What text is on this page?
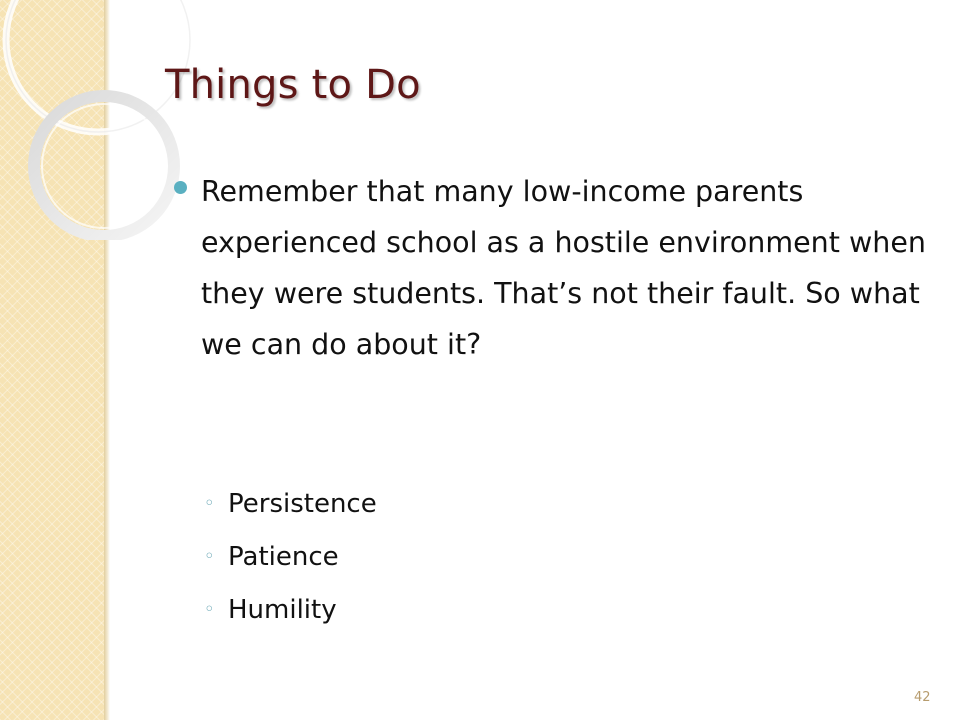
Things to Do

Remember that many low-income parents experienced school as a hostile environment when they were students. That’s not their fault. So what we can do about it?

◦ Persistence
◦ Patience
◦ Humility
42
